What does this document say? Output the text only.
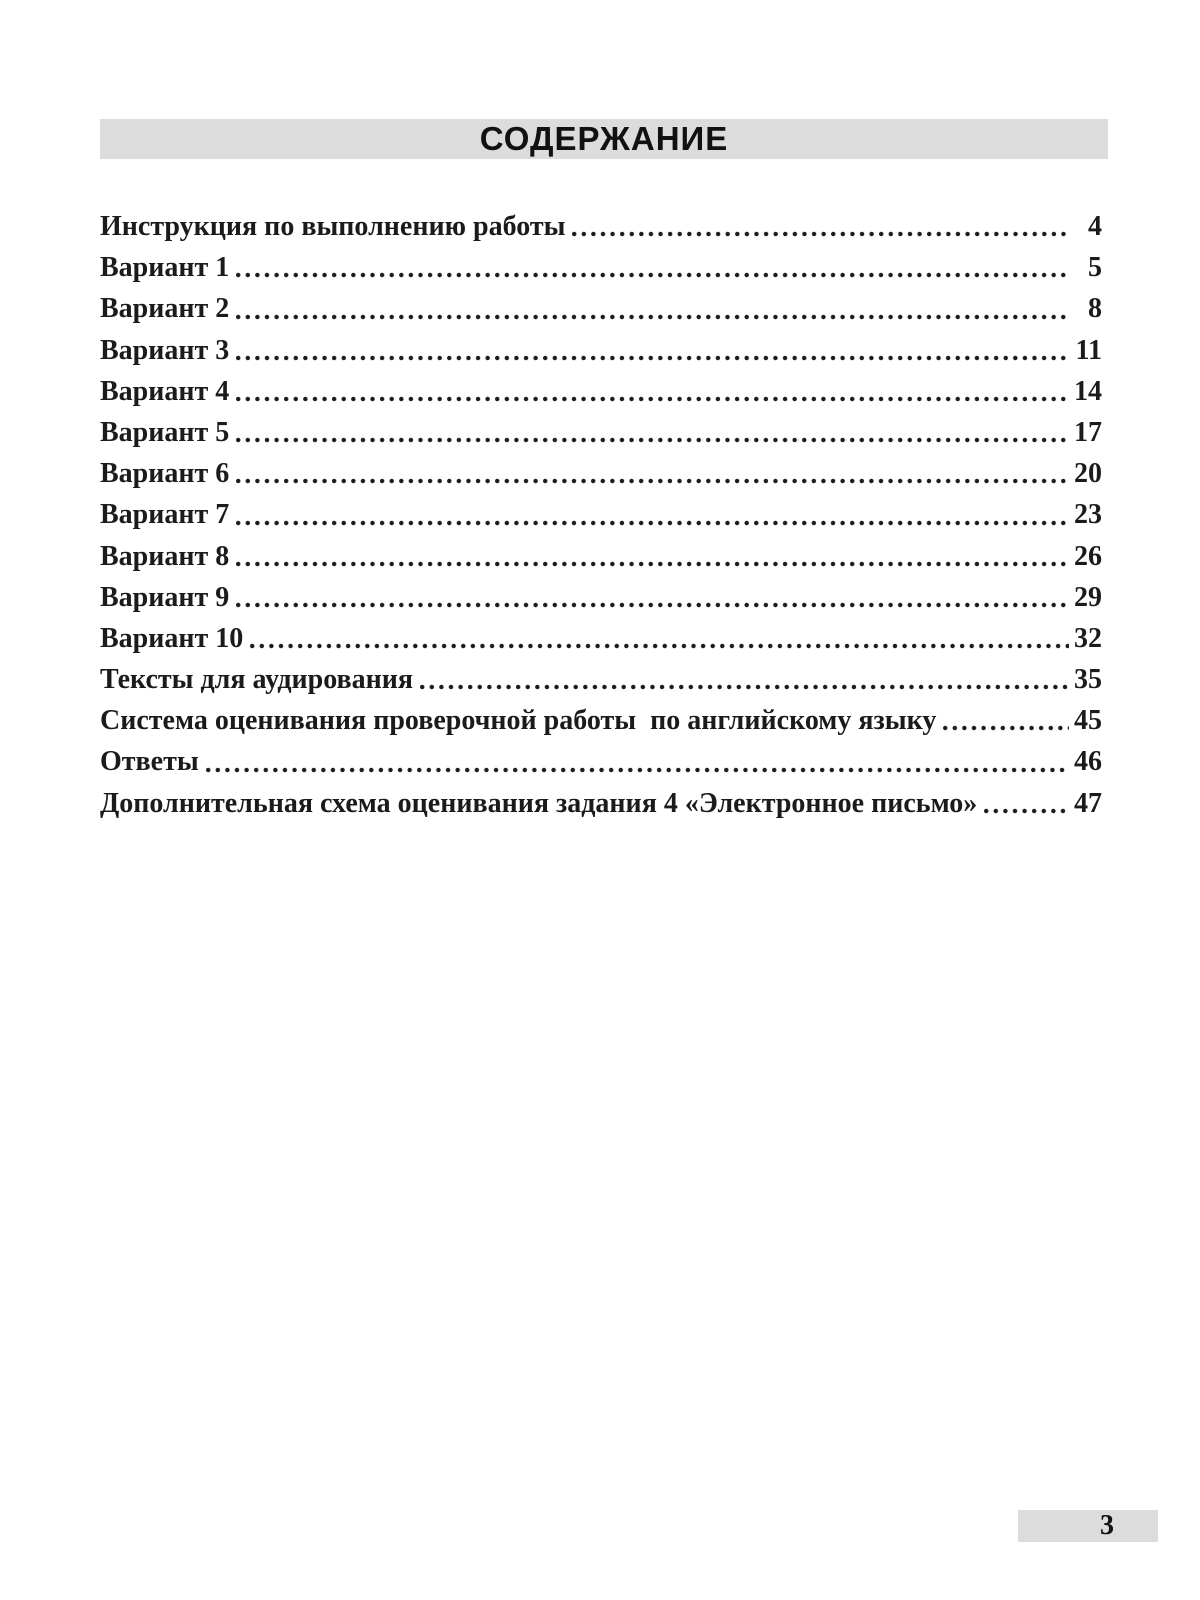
СОДЕРЖАНИЕ
Инструкция по выполнению работы	4
Вариант 1	5
Вариант 2	8
Вариант 3	11
Вариант 4	14
Вариант 5	17
Вариант 6	20
Вариант 7	23
Вариант 8	26
Вариант 9	29
Вариант 10	32
Тексты для аудирования	35
Система оценивания проверочной работы  по английскому языку	45
Ответы	46
Дополнительная схема оценивания задания 4 «Электронное письмо»	47
3
